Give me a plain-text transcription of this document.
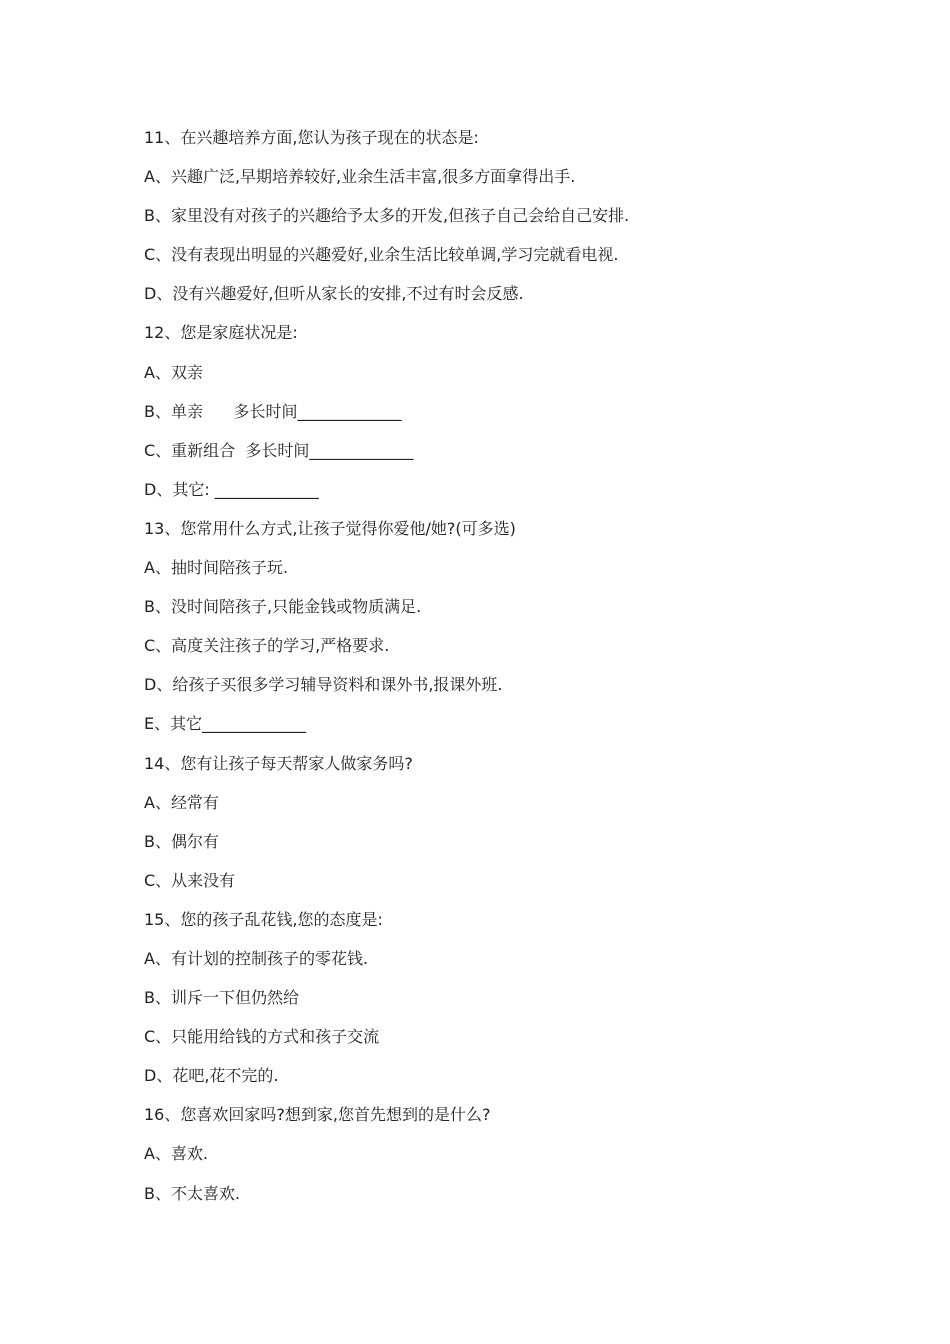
11、在兴趣培养方面,您认为孩子现在的状态是:
A、兴趣广泛,早期培养较好,业余生活丰富,很多方面拿得出手.
B、家里没有对孩子的兴趣给予太多的开发,但孩子自己会给自己安排.
C、没有表现出明显的兴趣爱好,业余生活比较单调,学习完就看电视.
D、没有兴趣爱好,但听从家长的安排,不过有时会反感.
12、您是家庭状况是:
A、双亲
B、单亲      多长时间_____________
C、重新组合  多长时间_____________
D、其它: _____________
13、您常用什么方式,让孩子觉得你爱他/她?(可多选)
A、抽时间陪孩子玩.
B、没时间陪孩子,只能金钱或物质满足.
C、高度关注孩子的学习,严格要求.
D、给孩子买很多学习辅导资料和课外书,报课外班.
E、其它_____________
14、您有让孩子每天帮家人做家务吗?
A、经常有
B、偶尔有
C、从来没有
15、您的孩子乱花钱,您的态度是:
A、有计划的控制孩子的零花钱.
B、训斥一下但仍然给
C、只能用给钱的方式和孩子交流
D、花吧,花不完的.
16、您喜欢回家吗?想到家,您首先想到的是什么?
A、喜欢.
B、不太喜欢.
